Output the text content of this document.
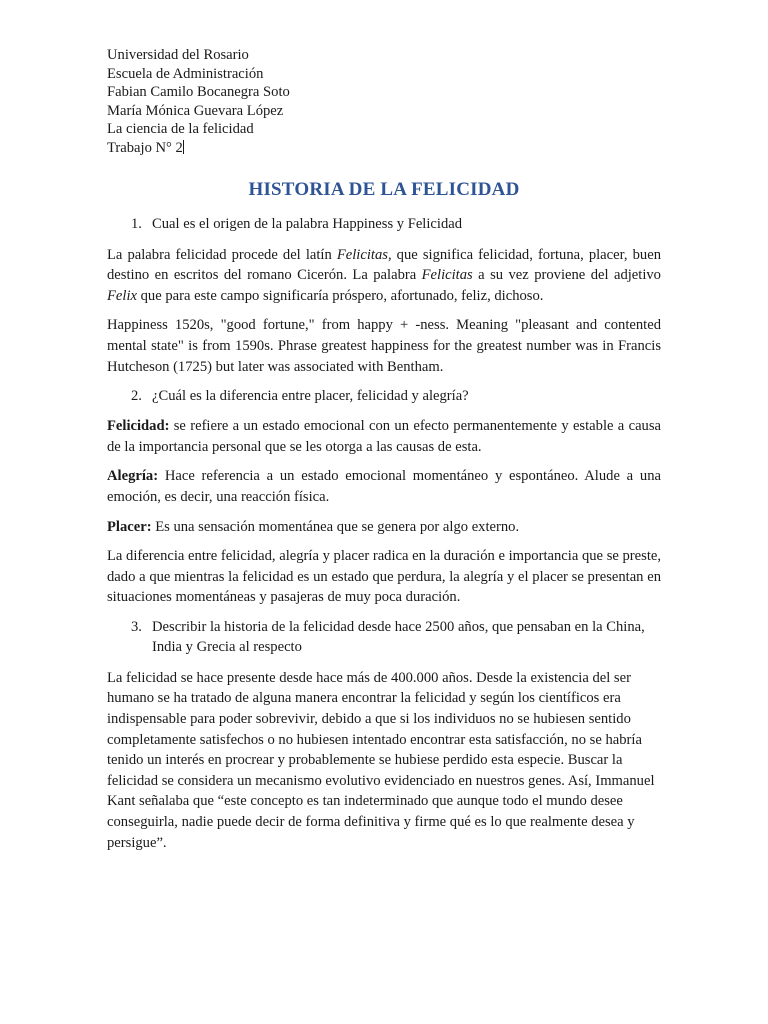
Universidad del Rosario

Escuela de Administración

Fabian Camilo Bocanegra Soto

María Mónica Guevara López

La ciencia de la felicidad

Trabajo N° 2

HISTORIA DE LA FELICIDAD
1. Cual es el origen de la palabra Happiness y Felicidad

La palabra felicidad procede del latín Felicitas, que significa felicidad, fortuna, placer, buen destino en escritos del romano Cicerón. La palabra Felicitas a su vez proviene del adjetivo Felix que para este campo significaría próspero, afortunado, feliz, dichoso.

Happiness 1520s, "good fortune," from happy + -ness. Meaning "pleasant and contented mental state" is from 1590s. Phrase greatest happiness for the greatest number was in Francis Hutcheson (1725) but later was associated with Bentham.

2. ¿Cuál es la diferencia entre placer, felicidad y alegría?

Felicidad: se refiere a un estado emocional con un efecto permanentemente y estable a causa de la importancia personal que se les otorga a las causas de esta.

Alegría: Hace referencia a un estado emocional momentáneo y espontáneo. Alude a una emoción, es decir, una reacción física.

Placer: Es una sensación momentánea que se genera por algo externo.

La diferencia entre felicidad, alegría y placer radica en la duración e importancia que se preste, dado a que mientras la felicidad es un estado que perdura, la alegría y el placer se presentan en situaciones momentáneas y pasajeras de muy poca duración.

3. Describir la historia de la felicidad desde hace 2500 años, que pensaban en la China, India y Grecia al respecto

La felicidad se hace presente desde hace más de 400.000 años. Desde la existencia del ser humano se ha tratado de alguna manera encontrar la felicidad y según los científicos era indispensable para poder sobrevivir, debido a que si los individuos no se hubiesen sentido completamente satisfechos o no hubiesen intentado encontrar esta satisfacción, no se habría tenido un interés en procrear y probablemente se hubiese perdido esta especie. Buscar la felicidad se considera un mecanismo evolutivo evidenciado en nuestros genes. Así, Immanuel Kant señalaba que “este concepto es tan indeterminado que aunque todo el mundo desee conseguirla, nadie puede decir de forma definitiva y firme qué es lo que realmente desea y persigue”.
